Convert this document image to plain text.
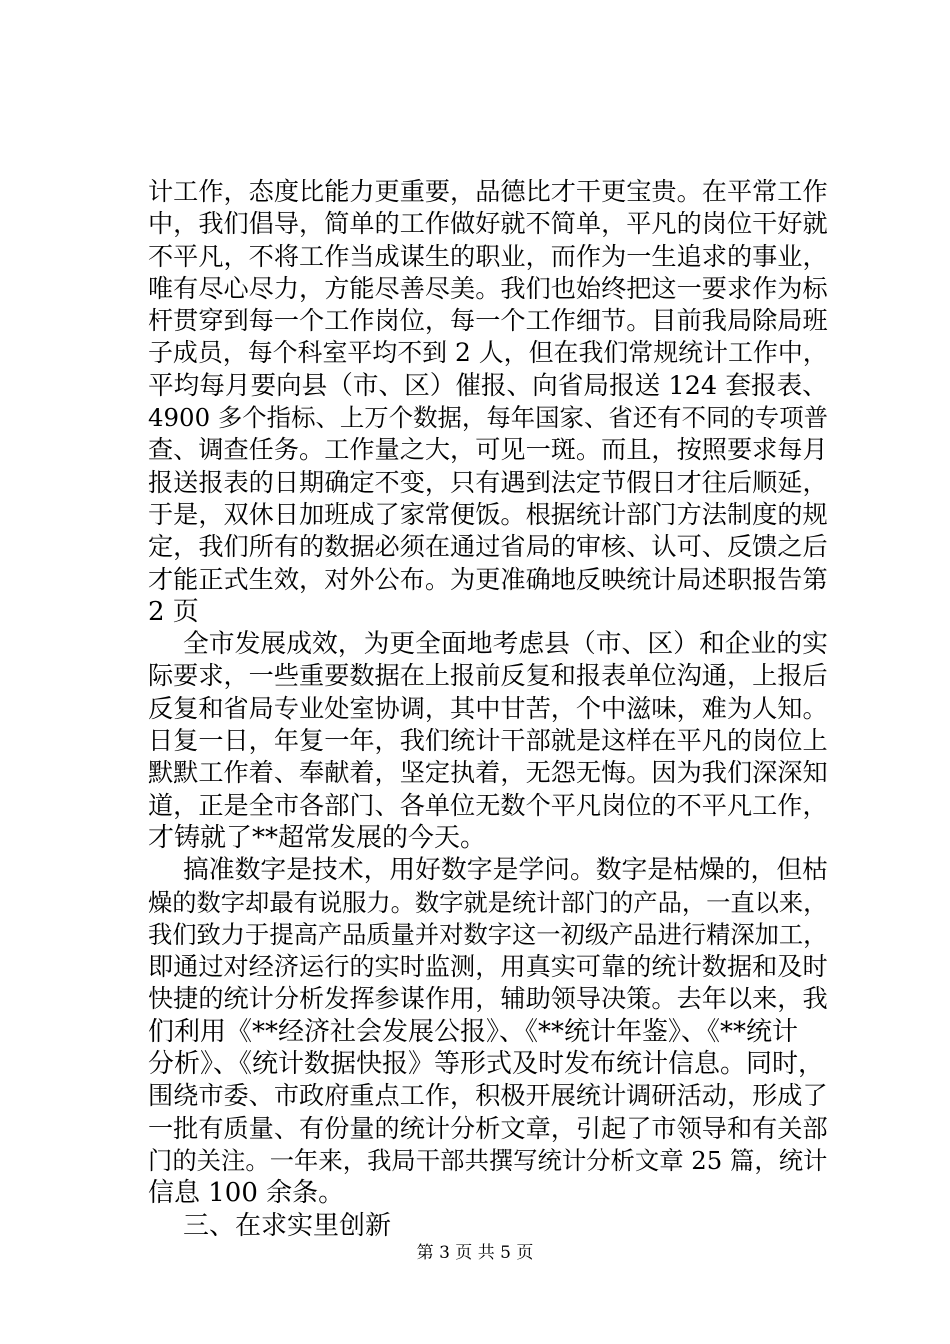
计工作，态度比能力更重要，品德比才干更宝贵。在平常工作
中，我们倡导，简单的工作做好就不简单，平凡的岗位干好就
不平凡，不将工作当成谋生的职业，而作为一生追求的事业，
唯有尽心尽力，方能尽善尽美。我们也始终把这一要求作为标
杆贯穿到每一个工作岗位，每一个工作细节。目前我局除局班
子成员，每个科室平均不到 2 人，但在我们常规统计工作中，
平均每月要向县（市、区）催报、向省局报送 124 套报表、
4900 多个指标、上万个数据，每年国家、省还有不同的专项普
查、调查任务。工作量之大，可见一斑。而且，按照要求每月
报送报表的日期确定不变，只有遇到法定节假日才往后顺延，
于是，双休日加班成了家常便饭。根据统计部门方法制度的规
定，我们所有的数据必须在通过省局的审核、认可、反馈之后
才能正式生效，对外公布。为更准确地反映统计局述职报告第
2 页
全市发展成效，为更全面地考虑县（市、区）和企业的实
际要求，一些重要数据在上报前反复和报表单位沟通，上报后
反复和省局专业处室协调，其中甘苦，个中滋味，难为人知。
日复一日，年复一年，我们统计干部就是这样在平凡的岗位上
默默工作着、奉献着，坚定执着，无怨无悔。因为我们深深知
道，正是全市各部门、各单位无数个平凡岗位的不平凡工作，
才铸就了**超常发展的今天。
搞准数字是技术，用好数字是学问。数字是枯燥的，但枯
燥的数字却最有说服力。数字就是统计部门的产品，一直以来，
我们致力于提高产品质量并对数字这一初级产品进行精深加工，
即通过对经济运行的实时监测，用真实可靠的统计数据和及时
快捷的统计分析发挥参谋作用，辅助领导决策。去年以来，我
们利用《**经济社会发展公报》、《**统计年鉴》、《**统计
分析》、《统计数据快报》等形式及时发布统计信息。同时，
围绕市委、市政府重点工作，积极开展统计调研活动，形成了
一批有质量、有份量的统计分析文章，引起了市领导和有关部
门的关注。一年来，我局干部共撰写统计分析文章 25 篇，统计
信息 100 余条。
三、在求实里创新
第 3 页 共 5 页
